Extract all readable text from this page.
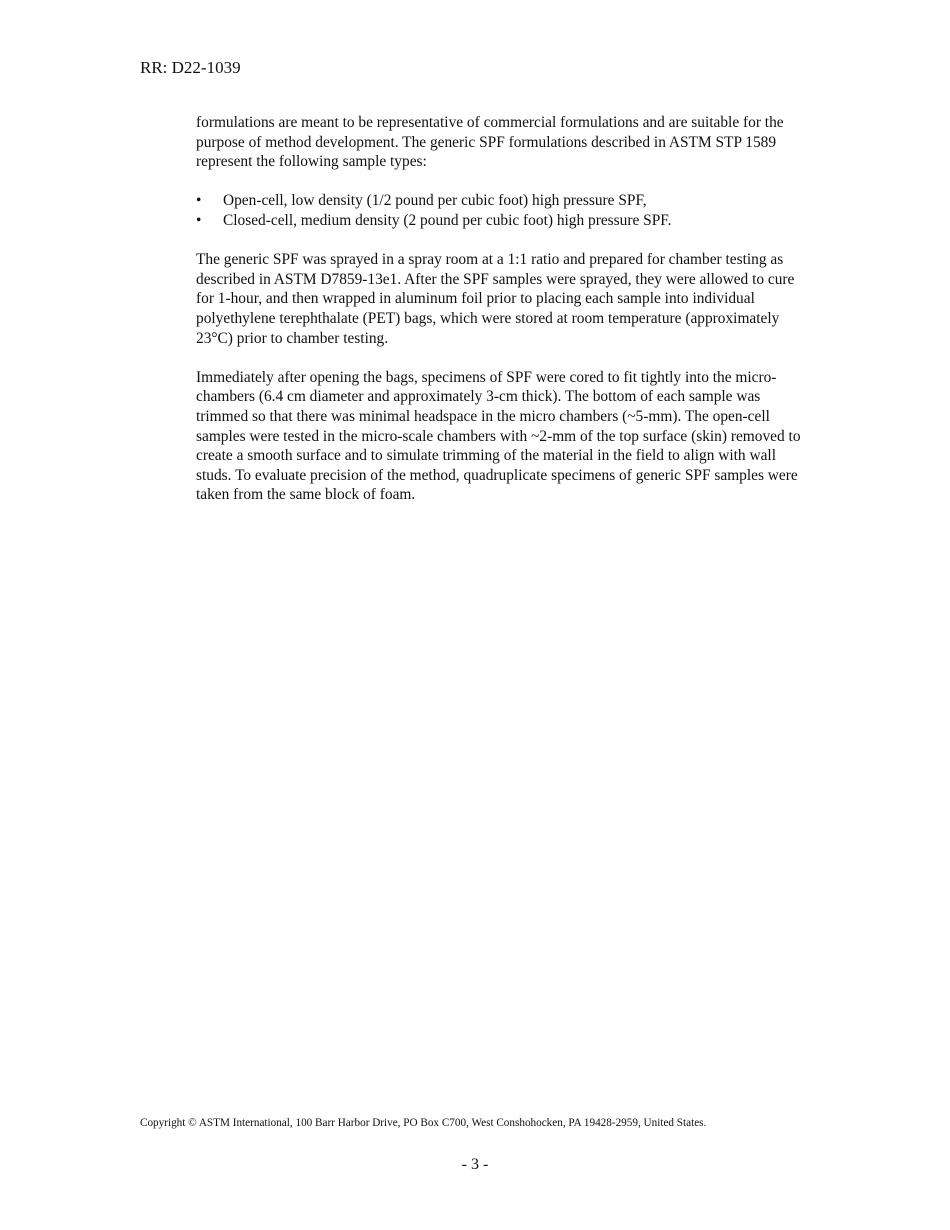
RR: D22-1039

formulations are meant to be representative of commercial formulations and are suitable for the purpose of method development. The generic SPF formulations described in ASTM STP 1589 represent the following sample types:

• Open-cell, low density (1/2 pound per cubic foot) high pressure SPF,
• Closed-cell, medium density (2 pound per cubic foot) high pressure SPF.

The generic SPF was sprayed in a spray room at a 1:1 ratio and prepared for chamber testing as described in ASTM D7859-13e1. After the SPF samples were sprayed, they were allowed to cure for 1-hour, and then wrapped in aluminum foil prior to placing each sample into individual polyethylene terephthalate (PET) bags, which were stored at room temperature (approximately 23°C) prior to chamber testing.

Immediately after opening the bags, specimens of SPF were cored to fit tightly into the micro-chambers (6.4 cm diameter and approximately 3-cm thick). The bottom of each sample was trimmed so that there was minimal headspace in the micro chambers (~5-mm). The open-cell samples were tested in the micro-scale chambers with ~2-mm of the top surface (skin) removed to create a smooth surface and to simulate trimming of the material in the field to align with wall studs. To evaluate precision of the method, quadruplicate specimens of generic SPF samples were taken from the same block of foam.

Copyright © ASTM International, 100 Barr Harbor Drive, PO Box C700, West Conshohocken, PA 19428-2959, United States.

- 3 -
